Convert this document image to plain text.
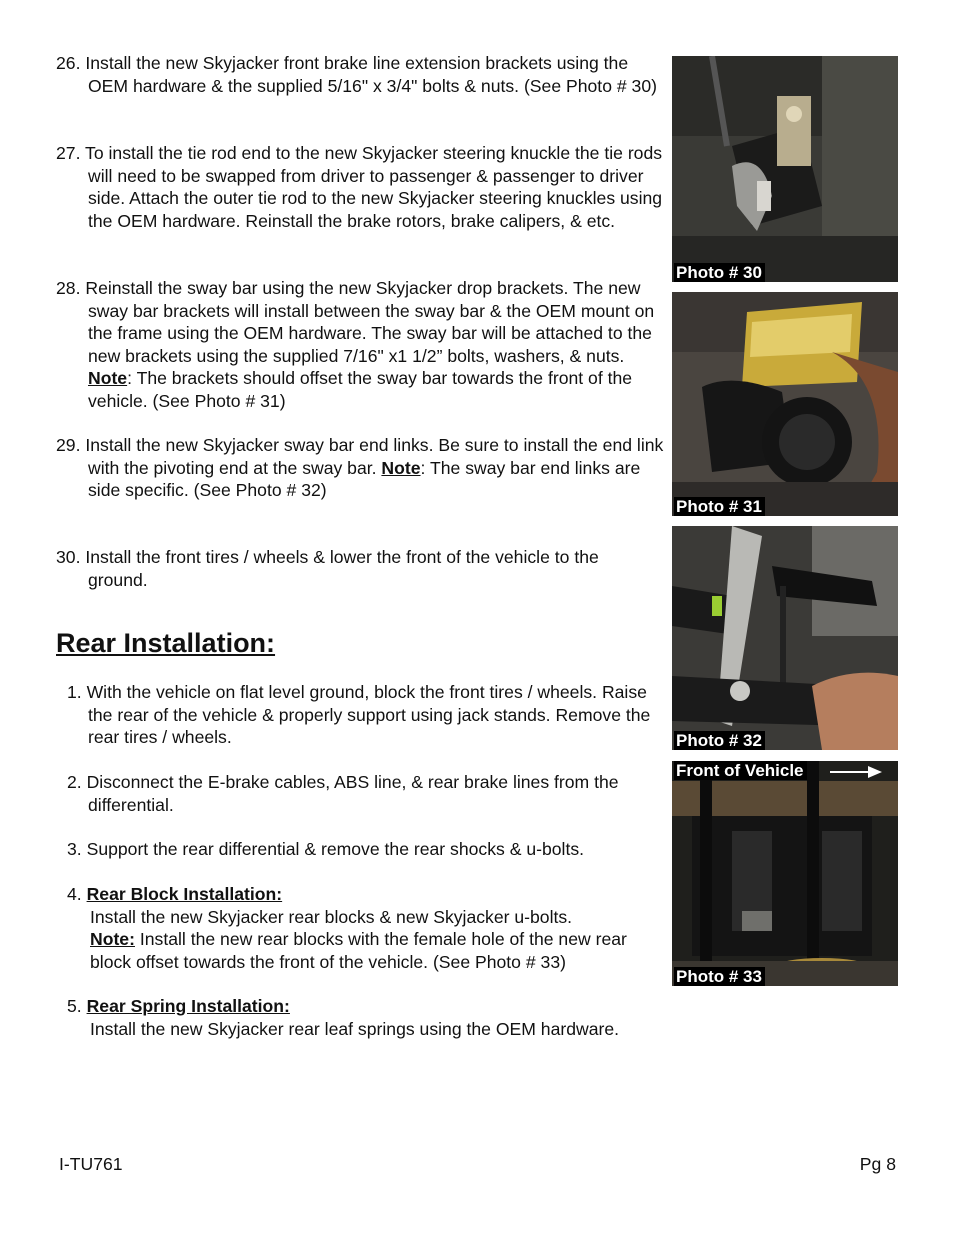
26. Install the new Skyjacker front brake line extension brackets using the OEM hardware & the supplied 5/16" x 3/4" bolts & nuts. (See Photo # 30)

27. To install the tie rod end to the new Skyjacker steering knuckle the tie rods will need to be swapped from driver to passenger & passenger to driver side. Attach the outer tie rod to the new Skyjacker steering knuckles using the OEM hardware. Reinstall the brake rotors, brake calipers, & etc.

28. Reinstall the sway bar using the new Skyjacker drop brackets. The new sway bar brackets will install between the sway bar & the OEM mount on the frame using the OEM hardware. The sway bar will be attached to the new brackets using the supplied 7/16" x1 1/2” bolts, washers, & nuts. Note: The brackets should offset the sway bar towards the front of the vehicle. (See Photo # 31)

29. Install the new Skyjacker sway bar end links. Be sure to install the end link with the pivoting end at the sway bar. Note: The sway bar end links are side specific. (See Photo # 32)

30. Install the front tires / wheels & lower the front of the vehicle to the ground.

Rear Installation:

1. With the vehicle on flat level ground, block the front tires / wheels. Raise the rear of the vehicle & properly support using jack stands. Remove the rear tires / wheels.

2. Disconnect the E-brake cables, ABS line, & rear brake lines from the differential.

3. Support the rear differential & remove the rear shocks & u-bolts.

4. Rear Block Installation:

Install the new Skyjacker rear blocks & new Skyjacker u-bolts.
Note: Install the new rear blocks with the female hole of the new rear block offset towards the front of the vehicle. (See Photo # 33)

5. Rear Spring Installation:

Install the new Skyjacker rear leaf springs using the OEM hardware.

Photo # 30
Photo # 31
Photo # 32
Front of Vehicle
Photo # 33
I-TU761	Pg 8
